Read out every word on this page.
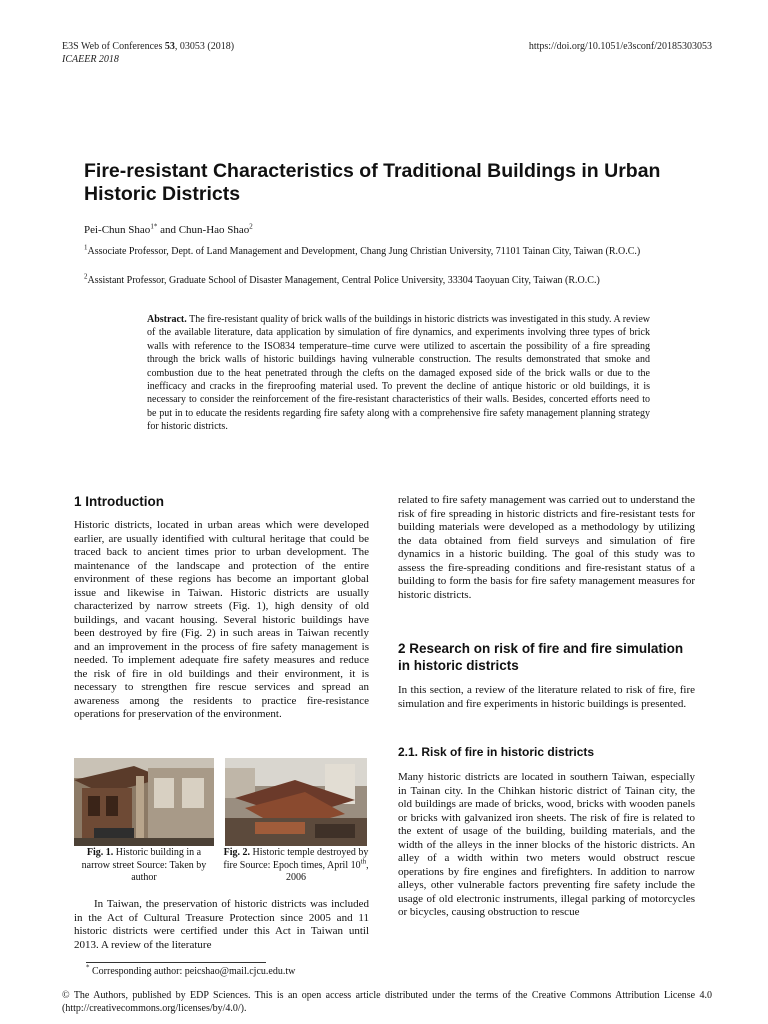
E3S Web of Conferences 53, 03053 (2018)
ICAEER 2018
https://doi.org/10.1051/e3sconf/20185303053
Fire-resistant Characteristics of Traditional Buildings in Urban Historic Districts
Pei-Chun Shao$^{1*}$ and Chun-Hao Shao$^2$
$^1$Associate Professor, Dept. of Land Management and Development, Chang Jung Christian University, 71101 Tainan City, Taiwan (R.O.C.)
$^2$Assistant Professor, Graduate School of Disaster Management, Central Police University, 33304 Taoyuan City, Taiwan (R.O.C.)
Abstract. The fire-resistant quality of brick walls of the buildings in historic districts was investigated in this study. A review of the available literature, data application by simulation of fire dynamics, and experiments involving three types of brick walls with reference to the ISO834 temperature–time curve were utilized to ascertain the possibility of a fire spreading through the brick walls of historic buildings having vulnerable construction. The results demonstrated that smoke and combustion due to the heat penetrated through the clefts on the damaged exposed side of the brick walls or due to the inefficacy and cracks in the fireproofing material used. To prevent the decline of antique historic or old buildings, it is necessary to consider the reinforcement of the fire-resistant characteristics of their walls. Besides, concerted efforts need to be put in to educate the residents regarding fire safety along with a comprehensive fire safety management planning strategy for historic districts.
1 Introduction
Historic districts, located in urban areas which were developed earlier, are usually identified with cultural heritage that could be traced back to ancient times prior to urban development. The maintenance of the landscape and protection of the entire environment of these regions has become an important global issue and likewise in Taiwan. Historic districts are usually characterized by narrow streets (Fig. 1), high density of old buildings, and vacant housing. Several historic buildings have been destroyed by fire (Fig. 2) in such areas in Taiwan recently and an improvement in the process of fire safety management is needed. To implement adequate fire safety measures and reduce the risk of fire in old buildings and their environment, it is necessary to strengthen fire rescue services and spread an awareness among the residents to practice fire-resistance operations for preservation of the environment.
Fig. 1. Historic building in a narrow street Source: Taken by author
Fig. 2. Historic temple destroyed by fire Source: Epoch times, April 10th, 2006
In Taiwan, the preservation of historic districts was included in the Act of Cultural Treasure Protection since 2005 and 11 historic districts were certified under this Act in Taiwan until 2013. A review of the literature
* Corresponding author: peicshao@mail.cjcu.edu.tw
related to fire safety management was carried out to understand the risk of fire spreading in historic districts and fire-resistant tests for building materials were developed as a methodology by utilizing the data obtained from field surveys and simulation of fire dynamics in a historic building. The goal of this study was to assess the fire-spreading conditions and fire-resistant status of a building to form the basis for fire safety management measures for historic districts.
2 Research on risk of fire and fire simulation in historic districts
In this section, a review of the literature related to risk of fire, fire simulation and fire experiments in historic buildings is presented.
2.1. Risk of fire in historic districts
Many historic districts are located in southern Taiwan, especially in Tainan city. In the Chihkan historic district of Tainan city, the old buildings are made of bricks, wood, bricks with wooden panels or bricks with galvanized iron sheets. The risk of fire is related to the extent of usage of the building, building materials, and the width of the alleys in the inner blocks of the historic districts. An alley of a width within two meters would obstruct rescue operations by fire engines and firefighters. In addition to narrow alleys, other vulnerable factors preventing fire safety include the usage of old electronic instruments, illegal parking of motorcycles or bicycles, causing obstruction to rescue
© The Authors, published by EDP Sciences. This is an open access article distributed under the terms of the Creative Commons Attribution License 4.0 (http://creativecommons.org/licenses/by/4.0/).
